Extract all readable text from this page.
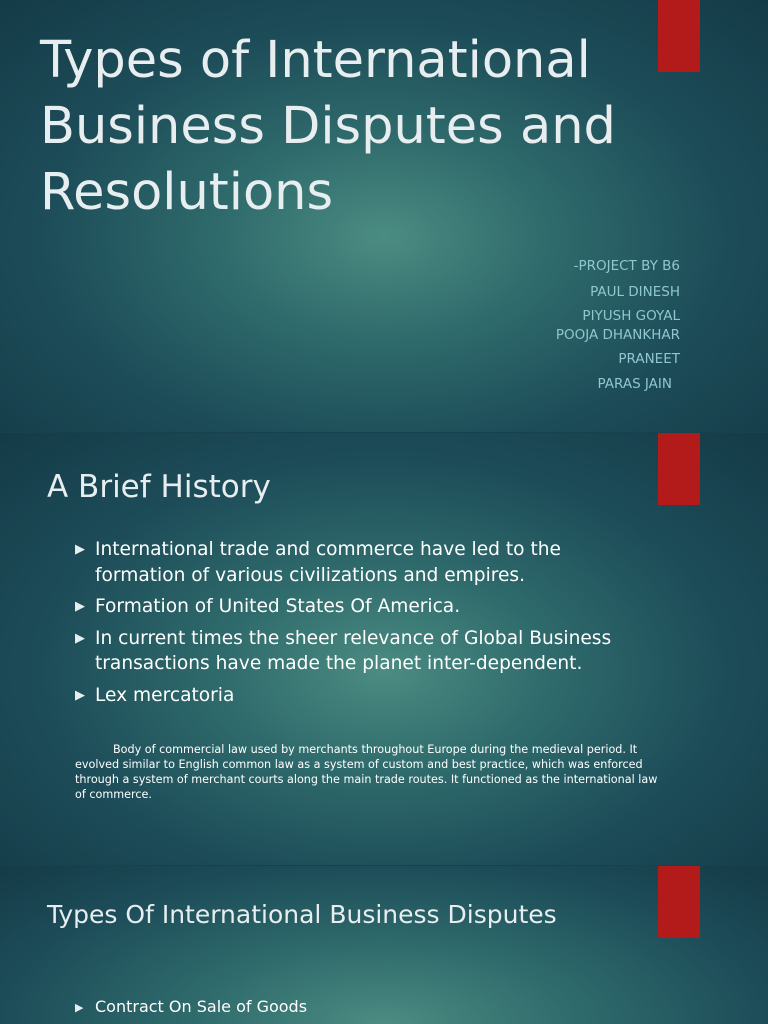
Types of International Business Disputes and Resolutions
-PROJECT BY B6
PAUL DINESH
PIYUSH GOYAL
POOJA DHANKHAR
PRANEET
PARAS JAIN
A Brief History
▶ International trade and commerce have led to the formation of various civilizations and empires.
▶ Formation of United States Of America.
▶ In current times the sheer relevance of Global Business transactions have made the planet inter-dependent.
▶ Lex mercatoria

Body of commercial law used by merchants throughout Europe during the medieval period. It evolved similar to English common law as a system of custom and best practice, which was enforced through a system of merchant courts along the main trade routes. It functioned as the international law of commerce.

Types Of International Business Disputes
▶ Contract On Sale of Goods
